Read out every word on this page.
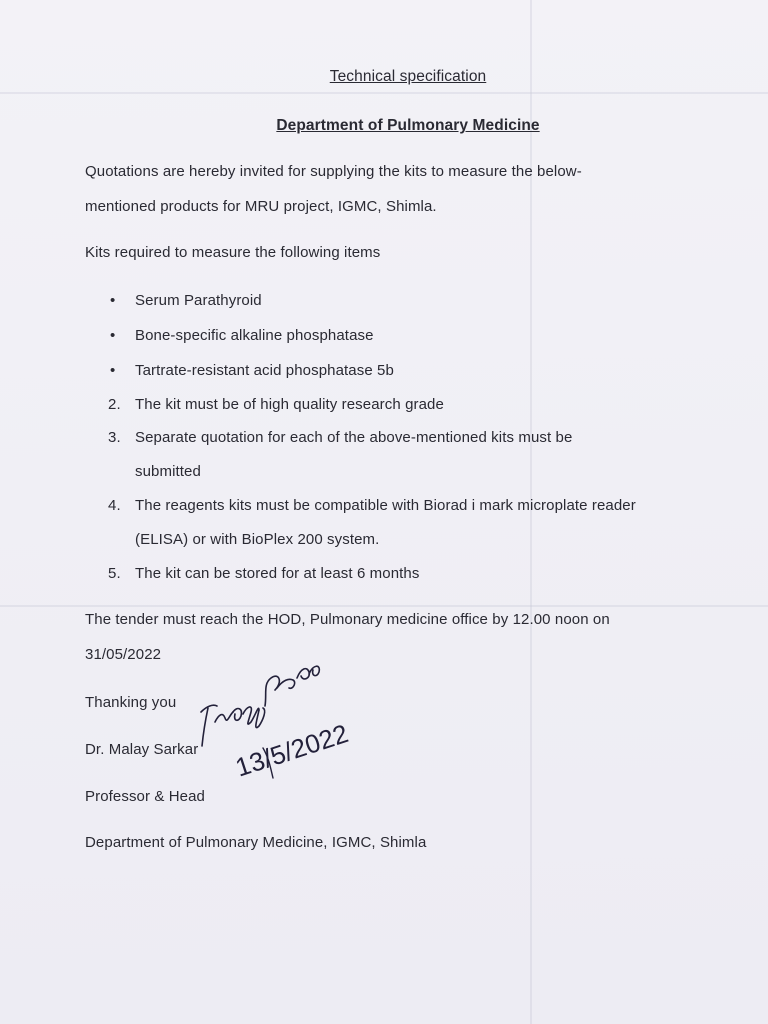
Technical specification
Department of Pulmonary Medicine
Quotations are hereby invited for supplying the kits to measure the below-
mentioned products for MRU project, IGMC, Shimla.
Kits required to measure the following items
• Serum Parathyroid
• Bone-specific alkaline phosphatase
• Tartrate-resistant acid phosphatase 5b
2. The kit must be of high quality research grade
3. Separate quotation for each of the above-mentioned kits must be
submitted
4. The reagents kits must be compatible with Biorad i mark microplate reader
(ELISA) or with BioPlex 200 system.
5. The kit can be stored for at least 6 months
The tender must reach the HOD, Pulmonary medicine office by 12.00 noon on
31/05/2022
Thanking you
Dr. Malay Sarkar
Professor & Head
Department of Pulmonary Medicine, IGMC, Shimla
13/5/2022
